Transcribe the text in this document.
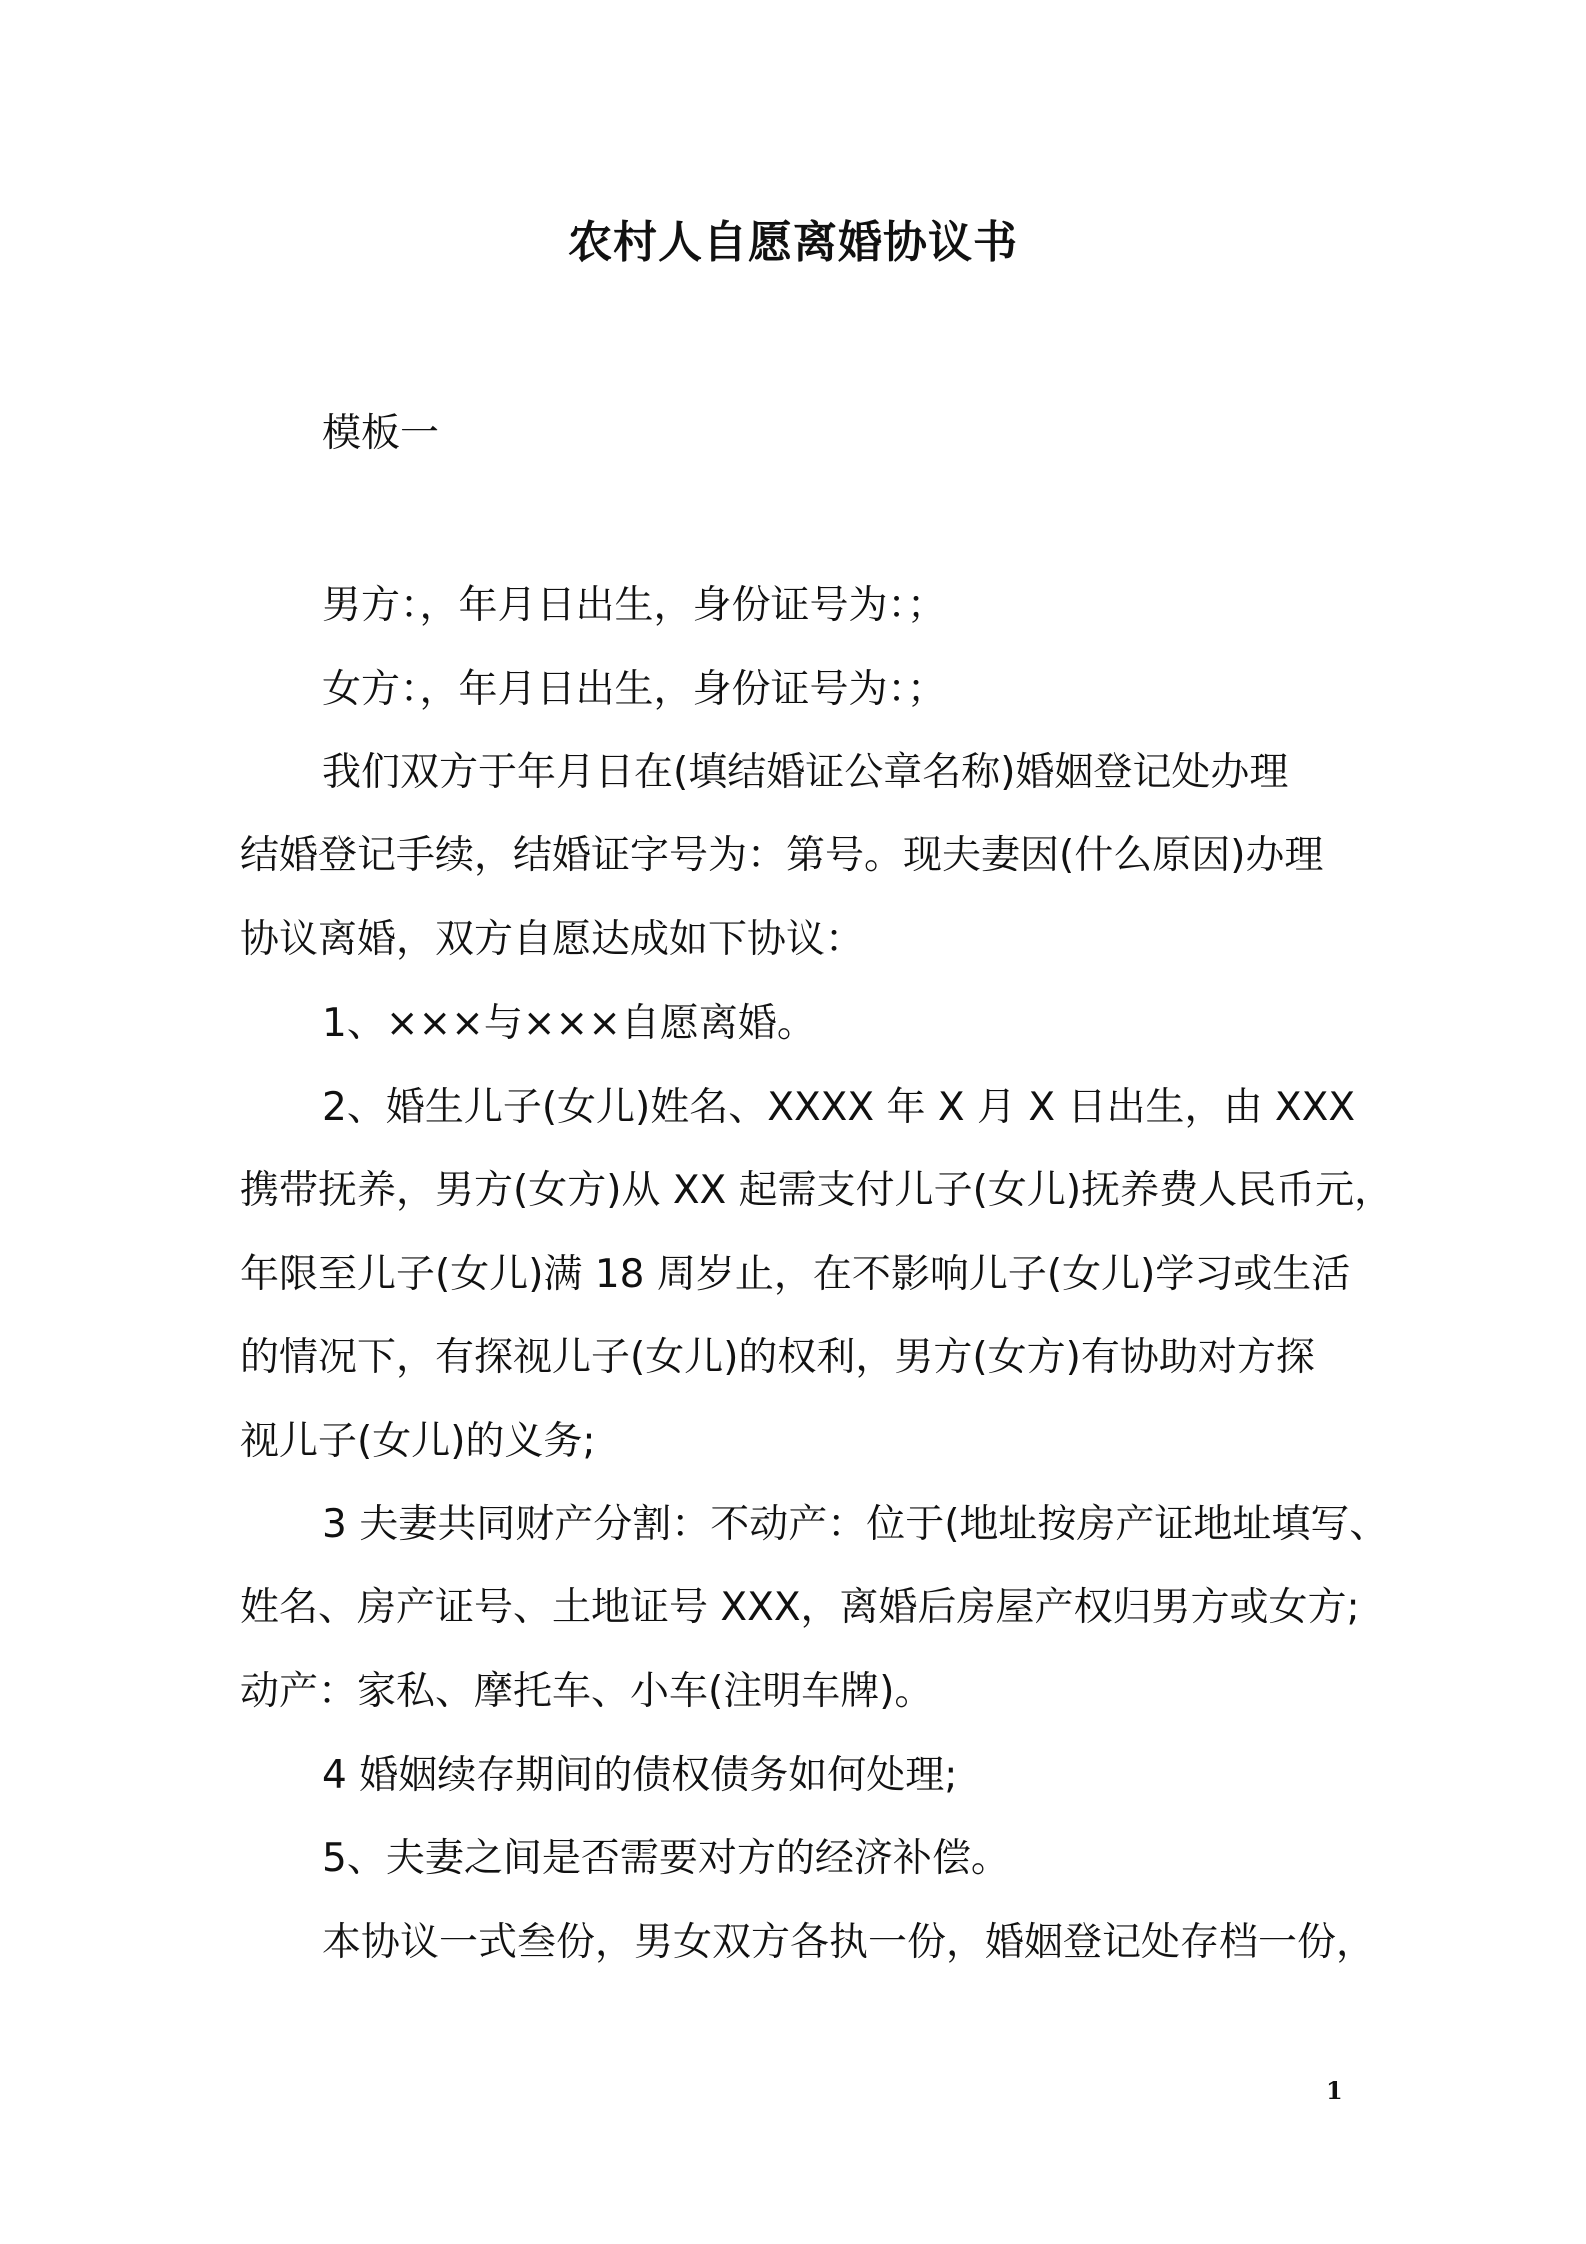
农村人自愿离婚协议书

模板一

男方：，年月日出生，身份证号为：；

女方：，年月日出生，身份证号为：；

我们双方于年月日在(填结婚证公章名称)婚姻登记处办理

结婚登记手续，结婚证字号为：第号。现夫妻因(什么原因)办理

协议离婚，双方自愿达成如下协议：

1、×××与×××自愿离婚。

2、婚生儿子(女儿)姓名、XXXX 年 X 月 X 日出生，由 XXX

携带抚养，男方(女方)从 XX 起需支付儿子(女儿)抚养费人民币元，

年限至儿子(女儿)满 18 周岁止，在不影响儿子(女儿)学习或生活

的情况下，有探视儿子(女儿)的权利，男方(女方)有协助对方探

视儿子(女儿)的义务;

3 夫妻共同财产分割：不动产：位于(地址按房产证地址填写、

姓名、房产证号、土地证号 XXX，离婚后房屋产权归男方或女方;

动产：家私、摩托车、小车(注明车牌)。

4 婚姻续存期间的债权债务如何处理;

5、夫妻之间是否需要对方的经济补偿。

本协议一式叁份，男女双方各执一份，婚姻登记处存档一份，

1
